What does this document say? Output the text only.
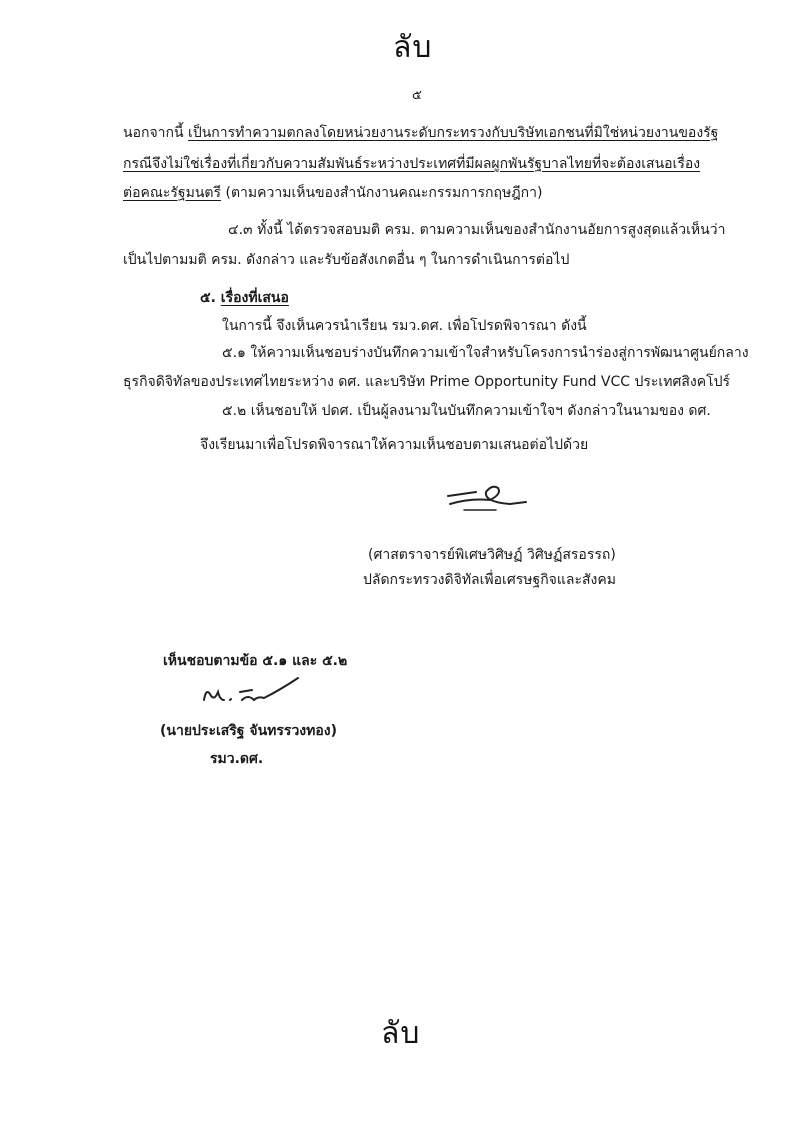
ลับ
๕
นอกจากนี้ เป็นการทำความตกลงโดยหน่วยงานระดับกระทรวงกับบริษัทเอกชนที่มิใช่หน่วยงานของรัฐ
กรณีจึงไม่ใช่เรื่องที่เกี่ยวกับความสัมพันธ์ระหว่างประเทศที่มีผลผูกพันรัฐบาลไทยที่จะต้องเสนอเรื่อง
ต่อคณะรัฐมนตรี (ตามความเห็นของสำนักงานคณะกรรมการกฤษฎีกา)
๔.๓ ทั้งนี้ ได้ตรวจสอบมติ ครม. ตามความเห็นของสำนักงานอัยการสูงสุดแล้วเห็นว่า
เป็นไปตามมติ ครม. ดังกล่าว และรับข้อสังเกตอื่น ๆ ในการดำเนินการต่อไป
๕. เรื่องที่เสนอ
ในการนี้ จึงเห็นควรนำเรียน รมว.ดศ. เพื่อโปรดพิจารณา ดังนี้
๕.๑ ให้ความเห็นชอบร่างบันทึกความเข้าใจสำหรับโครงการนำร่องสู่การพัฒนาศูนย์กลาง
ธุรกิจดิจิทัลของประเทศไทยระหว่าง ดศ. และบริษัท Prime Opportunity Fund VCC ประเทศสิงคโปร์
๕.๒ เห็นชอบให้ ปดศ. เป็นผู้ลงนามในบันทึกความเข้าใจฯ ดังกล่าวในนามของ ดศ.
จึงเรียนมาเพื่อโปรดพิจารณาให้ความเห็นชอบตามเสนอต่อไปด้วย
(ศาสตราจารย์พิเศษวิศิษฏ์ วิศิษฏ์สรอรรถ)
ปลัดกระทรวงดิจิทัลเพื่อเศรษฐกิจและสังคม
เห็นชอบตามข้อ ๕.๑ และ ๕.๒
(นายประเสริฐ จันทรรวงทอง)
รมว.ดศ.
ลับ
